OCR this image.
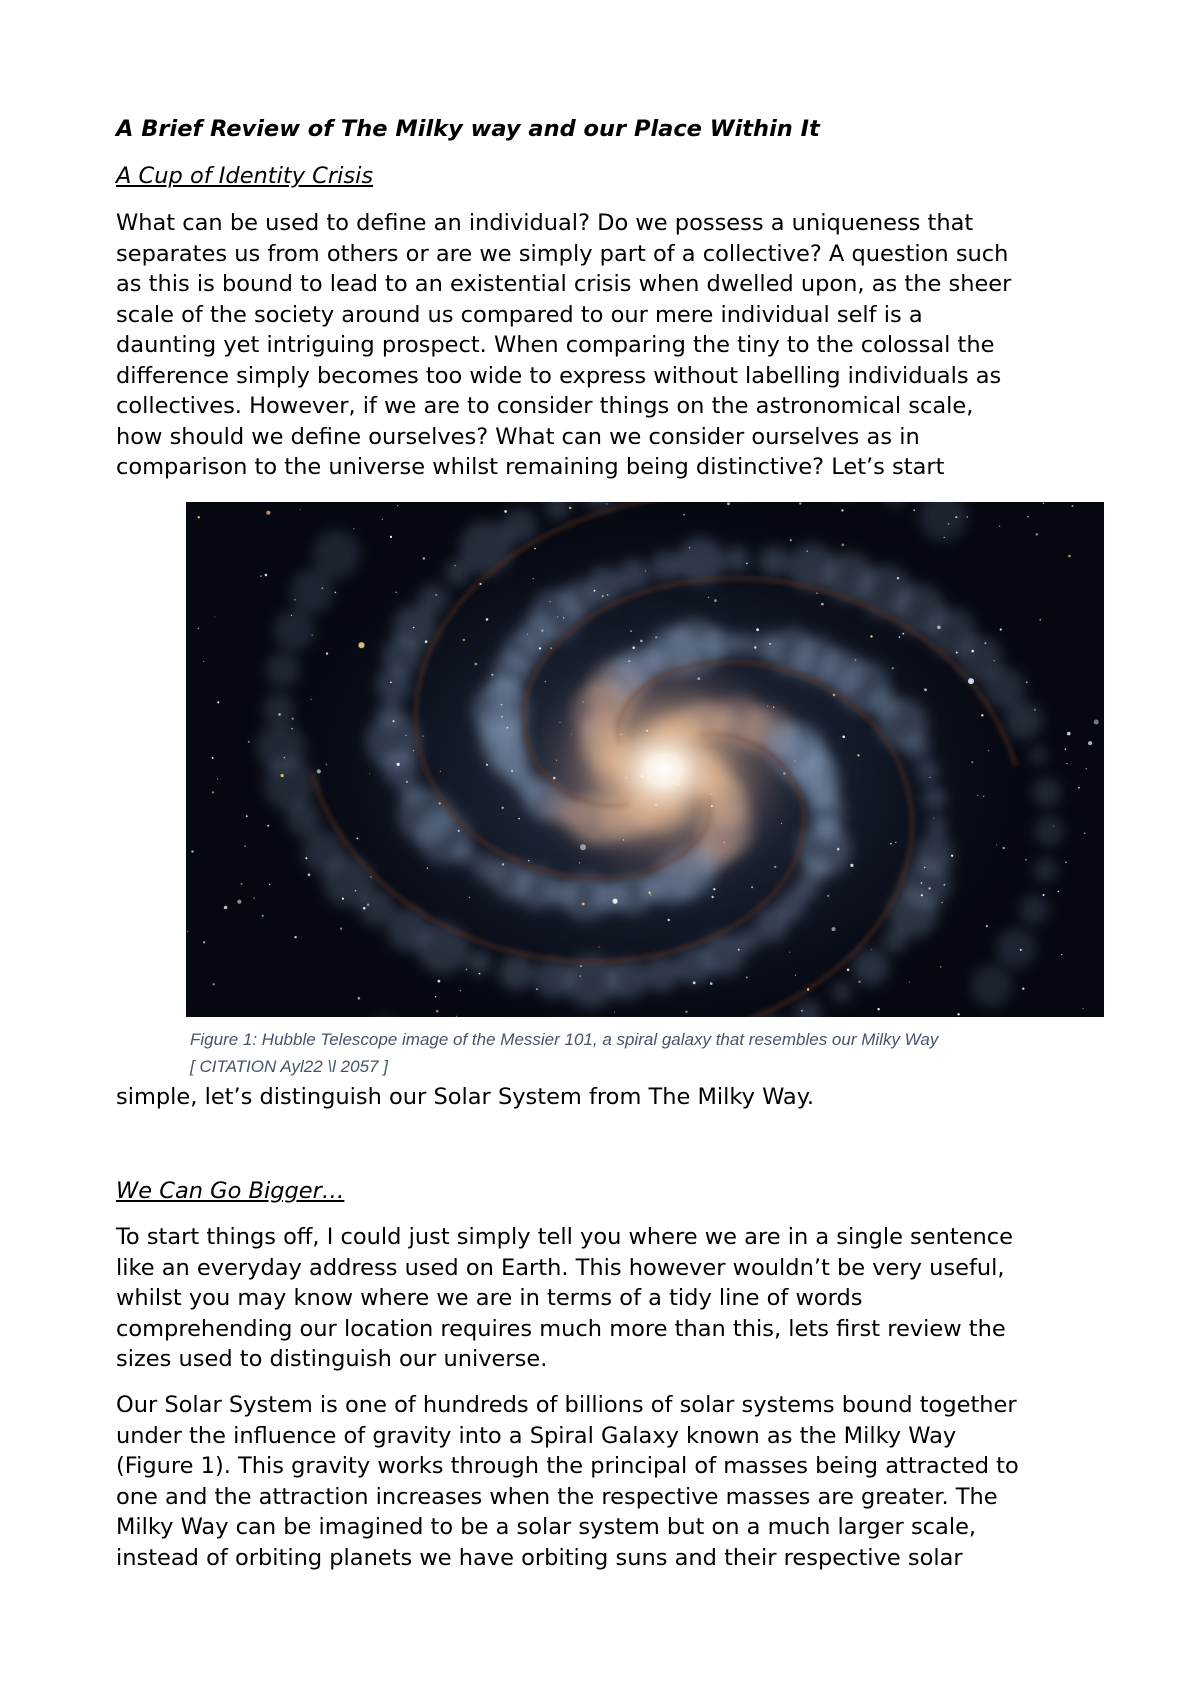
A Brief Review of The Milky way and our Place Within It
A Cup of Identity Crisis

What can be used to define an individual? Do we possess a uniqueness that
separates us from others or are we simply part of a collective? A question such
as this is bound to lead to an existential crisis when dwelled upon, as the sheer
scale of the society around us compared to our mere individual self is a
daunting yet intriguing prospect. When comparing the tiny to the colossal the
difference simply becomes too wide to express without labelling individuals as
collectives. However, if we are to consider things on the astronomical scale,
how should we define ourselves? What can we consider ourselves as in
comparison to the universe whilst remaining being distinctive? Let’s start

Figure 1: Hubble Telescope image of the Messier 101, a spiral galaxy that resembles our Milky Way
[ CITATION Ayl22 \l 2057 ]

simple, let’s distinguish our Solar System from The Milky Way.

We Can Go Bigger…

To start things off, I could just simply tell you where we are in a single sentence
like an everyday address used on Earth. This however wouldn’t be very useful,
whilst you may know where we are in terms of a tidy line of words
comprehending our location requires much more than this, lets first review the
sizes used to distinguish our universe.

Our Solar System is one of hundreds of billions of solar systems bound together
under the influence of gravity into a Spiral Galaxy known as the Milky Way
(Figure 1). This gravity works through the principal of masses being attracted to
one and the attraction increases when the respective masses are greater. The
Milky Way can be imagined to be a solar system but on a much larger scale,
instead of orbiting planets we have orbiting suns and their respective solar
